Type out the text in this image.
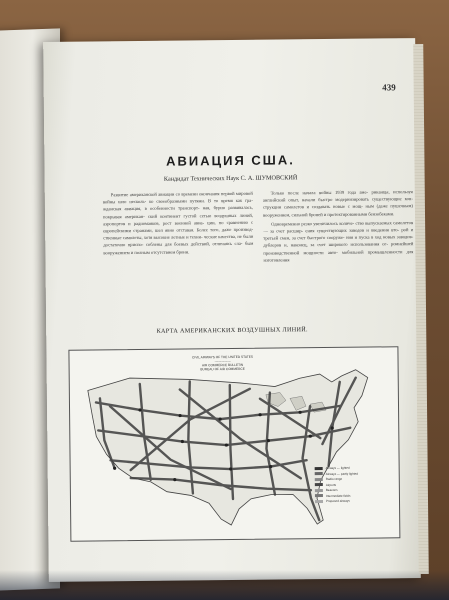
439
АВИАЦИЯ США.
Кандидат Технических Наук С. А. ШУМОВСКИЙ

Развитие американской авиации со времени окончания первой мировой войны шло несколь- ко своеобразными путями. В то время как гра- жданская авиация, в особенности транспорт- ная, бурно развивалась, покрывая американ- ский континент густой сетью воздушных линий, аэропортов и радиомаяков, рост военной авиа- ции, по сравнению с европейскими странами, шел явно отставая. Более того, даже производ- ственные самолеты, хотя высокие летные и техни- ческие качества, не были достаточно приспо- соблены для боевых действий, отличаясь сла- бым вооружением и полным отсутствием брони.

Только после начала войны 1939 года аме- риканцы, используя английский опыт, начали быстро модернизировать существующие кон- струкции самолетов и создавать новые с мощ- ным (даже пушечным) вооружением, сильной броней и протектированными бензобаками.

Одновременно резко увеличилось количе- ство выпускаемых самолетов — за счет расшир- ения существующих заводов и введения вто- рой и третьей смен, за счет быстрого сооруже- ния и пуска в ход новых заводов-дублеров и, наконец, за счет широкого использования ог- ромнейшей производственной мощности авто- мобильной промышленности для изготовления

КАРТА АМЕРИКАНСКИХ ВОЗДУШНЫХ ЛИНИЙ.
CIVIL AIRWAYS OF THE UNITED STATES
—————
AIR COMMERCE BULLETIN
BUREAU OF AIR COMMERCE
Airways — lighted
Airways — partly lighted
Radio range
Airports
Beacons
Intermediate fields
Proposed airways
